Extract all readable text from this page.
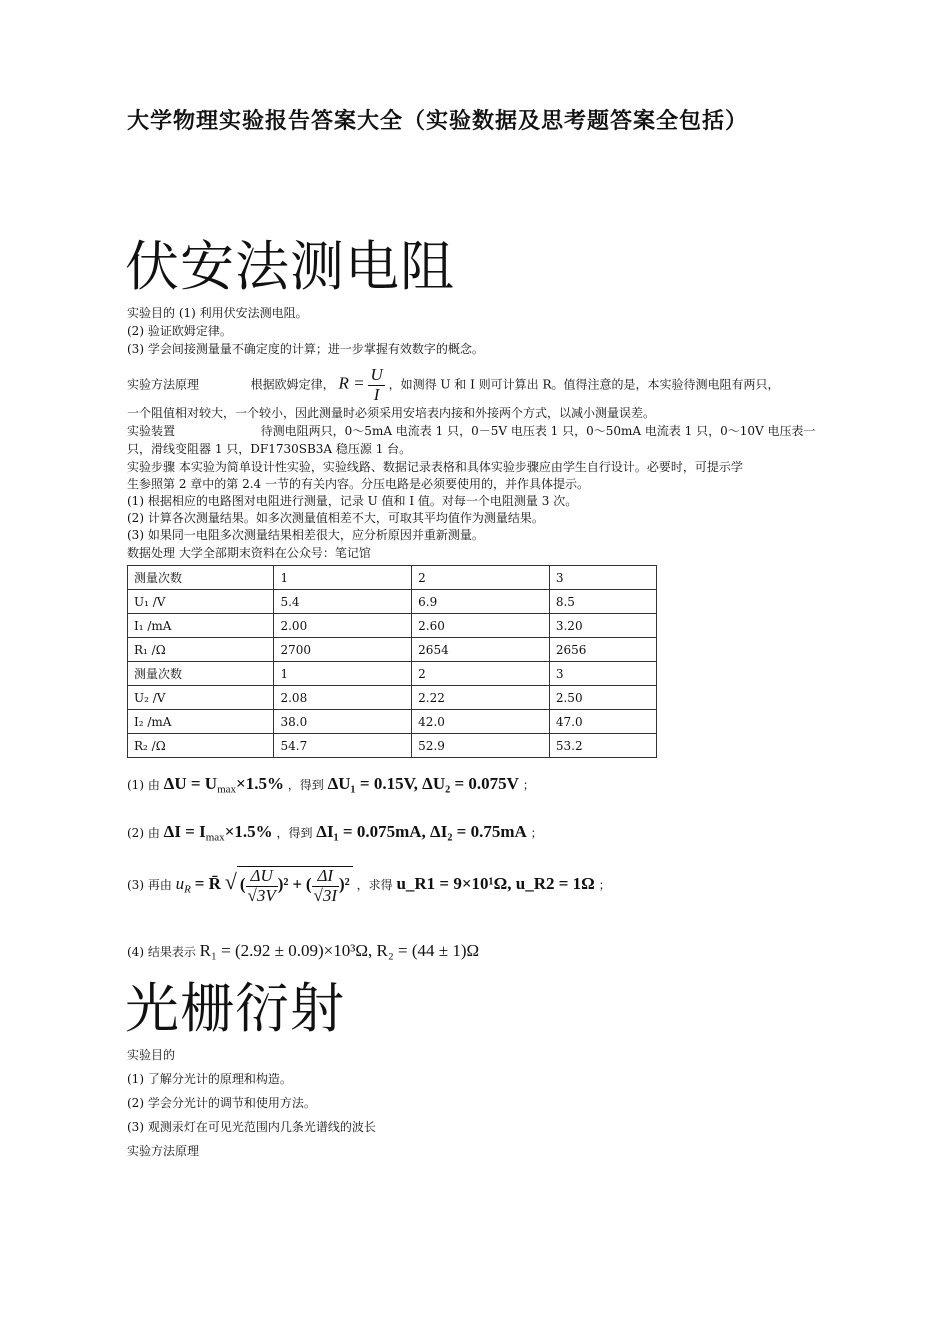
大学物理实验报告答案大全（实验数据及思考题答案全包括）
伏安法测电阻
实验目的 (1) 利用伏安法测电阻。
(2) 验证欧姆定律。
(3) 学会间接测量量不确定度的计算；进一步掌握有效数字的概念。
实验方法原理	根据欧姆定律， $R = \frac{U}{I}$ ，如测得 U 和 I 则可计算出 R。值得注意的是，本实验待测电阻有两只，
一个阻值相对较大，一个较小，因此测量时必须采用安培表内接和外接两个方式，以减小测量误差。
实验装置	待测电阻两只，0～5mA 电流表 1 只，0－5V 电压表 1 只，0～50mA 电流表 1 只，0～10V 电压表一
只，滑线变阻器 1 只，DF1730SB3A 稳压源 1 台。
实验步骤 本实验为简单设计性实验，实验线路、数据记录表格和具体实验步骤应由学生自行设计。必要时，可提示学
生参照第 2 章中的第 2.4 一节的有关内容。分压电路是必须要使用的，并作具体提示。
(1) 根据相应的电路图对电阻进行测量，记录 U 值和 I 值。对每一个电阻测量 3 次。
(2) 计算各次测量结果。如多次测量值相差不大，可取其平均值作为测量结果。
(3) 如果同一电阻多次测量结果相差很大，应分析原因并重新测量。
数据处理 大学全部期末资料在公众号：笔记馆
测量次数	1	2	3
U₁ /V	5.4	6.9	8.5
I₁ /mA	2.00	2.60	3.20
R₁ /Ω	2700	2654	2656
测量次数	1	2	3
U₂ /V	2.08	2.22	2.50
I₂ /mA	38.0	42.0	47.0
R₂ /Ω	54.7	52.9	53.2
(1) 由 $\Delta U = U_{max}\times 1.5\%$ ，得到 ΔU₁ = 0.15V, ΔU₂ = 0.075V ；
(2) 由 $\Delta I = I_{max}\times 1.5\%$ ，得到 ΔI₁ = 0.075mA, ΔI₂ = 0.75mA ；
(3) 再由 $u_R$ = R̄ √ ( $\frac{\Delta U}{√3V} )^2$ + ( $\frac{\Delta I}{√3I} )^2$ ，求得 u_R1 = 9×10¹Ω, u_R2 = 1Ω ；
(4) 结果表示 R₁ = (2.92 ± 0.09)×10³Ω, R₂ = (44 ± 1)Ω
光栅衍射
实验目的
(1) 了解分光计的原理和构造。
(2) 学会分光计的调节和使用方法。
(3) 观测汞灯在可见光范围内几条光谱线的波长
实验方法原理
